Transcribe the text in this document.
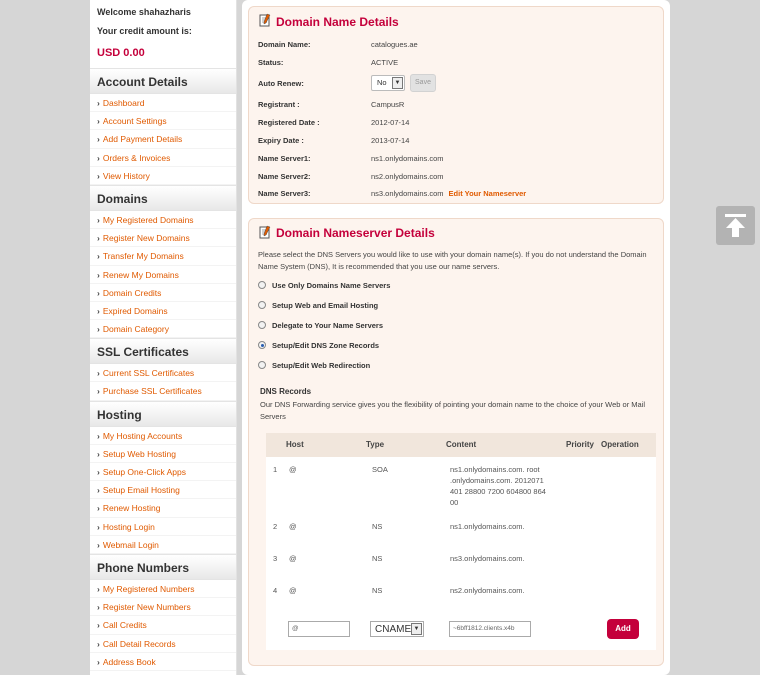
Welcome shahazharis
Your credit amount is:
USD 0.00
Account Details
› Dashboard
› Account Settings
› Add Payment Details
› Orders & Invoices
› View History
Domains
› My Registered Domains
› Register New Domains
› Transfer My Domains
› Renew My Domains
› Domain Credits
› Expired Domains
› Domain Category
SSL Certificates
› Current SSL Certificates
› Purchase SSL Certificates
Hosting
› My Hosting Accounts
› Setup Web Hosting
› Setup One-Click Apps
› Setup Email Hosting
› Renew Hosting
› Hosting Login
› Webmail Login
Phone Numbers
› My Registered Numbers
› Register New Numbers
› Call Credits
› Call Detail Records
› Address Book
Domain Name Details
Domain Name:	catalogues.ae
Status:	ACTIVE
Auto Renew:	No	▼	Save
Registrant :	CampusR
Registered Date :	2012-07-14
Expiry Date :	2013-07-14
Name Server1:	ns1.onlydomains.com
Name Server2:	ns2.onlydomains.com
Name Server3:	ns3.onlydomains.com Edit Your Nameserver
Domain Nameserver Details
Please select the DNS Servers you would like to use with your domain name(s). If you do not understand the Domain Name System (DNS), It is recommended that you use our name servers.
Use Only Domains Name Servers
Setup Web and Email Hosting
Delegate to Your Name Servers
Setup/Edit DNS Zone Records
Setup/Edit Web Redirection
DNS Records
Our DNS Forwarding service gives you the flexibility of pointing your domain name to the choice of your Web or Mail Servers
Host	Type	Content	Priority Operation
1	@	SOA	ns1.onlydomains.com. root .onlydomains.com. 2012071 401 28800 7200 604800 864 00
2	@	NS	ns1.onlydomains.com.
3	@	NS	ns3.onlydomains.com.
4	@	NS	ns2.onlydomains.com.
@	CNAME ▼	~6bff1812.clients.x4b	Add
